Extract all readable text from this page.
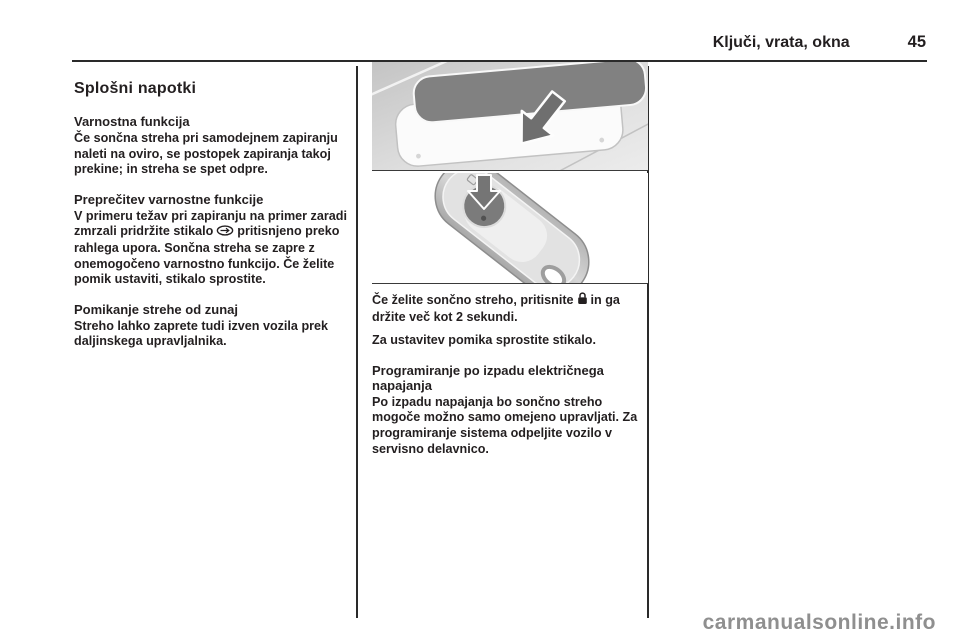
Ključi, vrata, okna	45
Splošni napotki
Varnostna funkcija

Če sončna streha pri samodejnem zapiranju naleti na oviro, se postopek zapiranja takoj prekine; in streha se spet odpre.

Preprečitev varnostne funkcije

V primeru težav pri zapiranju na primer zaradi zmrzali pridržite stikalo pritisnjeno preko rahlega upora. Sončna streha se zapre z onemogočeno varnostno funkcijo. Če želite pomik ustaviti, stikalo sprostite.

Pomikanje strehe od zunaj

Streho lahko zaprete tudi izven vozila prek daljinskega upravljalnika.

Če želite sončno streho, pritisnite in ga držite več kot 2 sekundi.

Za ustavitev pomika sprostite stikalo.

Programiranje po izpadu električnega napajanja

Po izpadu napajanja bo sončno streho mogoče možno samo omejeno upravljati. Za programiranje sistema odpeljite vozilo v servisno delavnico.

carmanualsonline.info
